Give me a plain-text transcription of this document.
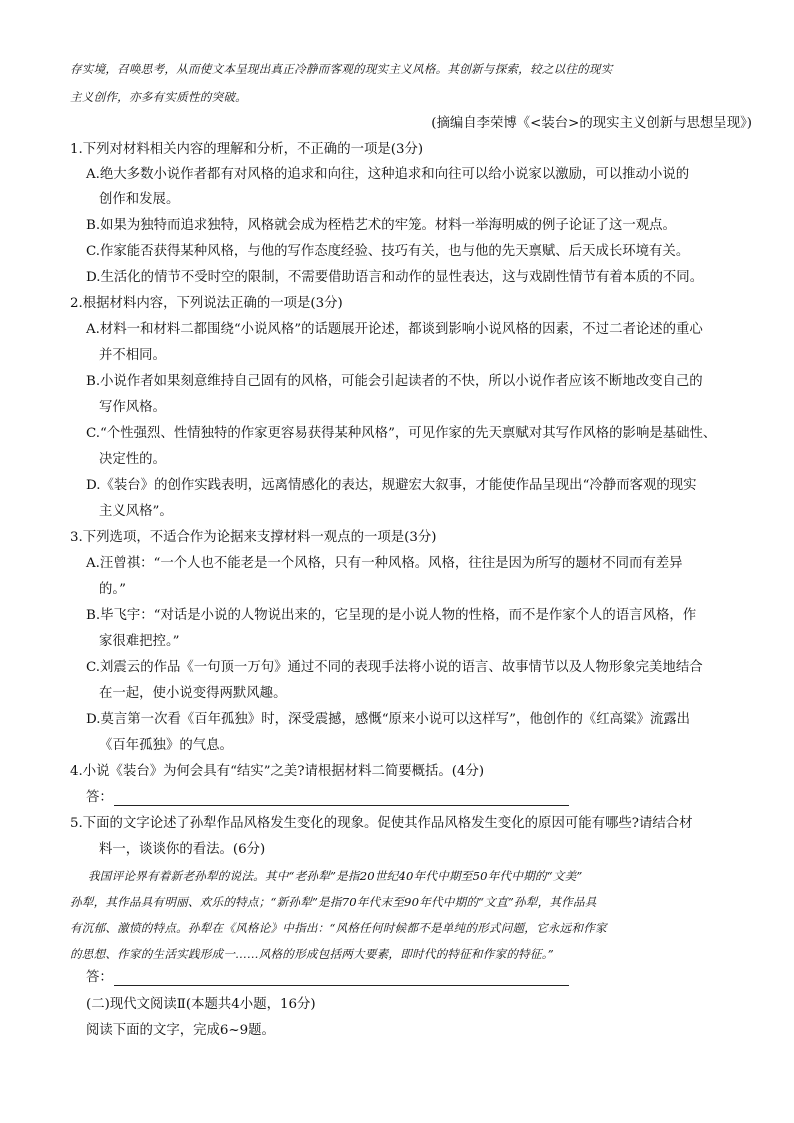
存实境，召唤思考，从而使文本呈现出真正冷静而客观的现实主义风格。其创新与探索，较之以往的现实
主义创作，亦多有实质性的突破。
(摘编自李荣博《<装台>的现实主义创新与思想呈现》)
1.下列对材料相关内容的理解和分析，不正确的一项是(3分)
A.绝大多数小说作者都有对风格的追求和向往，这种追求和向往可以给小说家以激励，可以推动小说的
创作和发展。
B.如果为独特而追求独特，风格就会成为桎梏艺术的牢笼。材料一举海明威的例子论证了这一观点。
C.作家能否获得某种风格，与他的写作态度经验、技巧有关，也与他的先天禀赋、后天成长环境有关。
D.生活化的情节不受时空的限制，不需要借助语言和动作的显性表达，这与戏剧性情节有着本质的不同。
2.根据材料内容，下列说法正确的一项是(3分)
A.材料一和材料二都围绕“小说风格”的话题展开论述，都谈到影响小说风格的因素，不过二者论述的重心
并不相同。
B.小说作者如果刻意维持自己固有的风格，可能会引起读者的不快，所以小说作者应该不断地改变自己的
写作风格。
C.“个性强烈、性情独特的作家更容易获得某种风格”，可见作家的先天禀赋对其写作风格的影响是基础性、
决定性的。
D.《装台》的创作实践表明，远离情感化的表达，规避宏大叙事，才能使作品呈现出“冷静而客观的现实
主义风格”。
3.下列选项，不适合作为论据来支撑材料一观点的一项是(3分)
A.汪曾祺：“一个人也不能老是一个风格，只有一种风格。风格，往往是因为所写的题材不同而有差异
的。”
B.毕飞宇：“对话是小说的人物说出来的，它呈现的是小说人物的性格，而不是作家个人的语言风格，作
家很难把控。”
C.刘震云的作品《一句顶一万句》通过不同的表现手法将小说的语言、故事情节以及人物形象完美地结合
在一起，使小说变得两默风趣。
D.莫言第一次看《百年孤独》时，深受震撼，感慨“原来小说可以这样写”，他创作的《红高粱》流露出
《百年孤独》的气息。
4.小说《装台》为何会具有“结实”之美?请根据材料二简要概括。(4分)
答：
5.下面的文字论述了孙犁作品风格发生变化的现象。促使其作品风格发生变化的原因可能有哪些?请结合材
料一，谈谈你的看法。(6分)
我国评论界有着新老孙犁的说法。其中“老孙犁”是指20世纪40年代中期至50年代中期的“文美”
孙犁，其作品具有明丽、欢乐的特点；“新孙犁”是指70年代末至90年代中期的“文直”孙犁，其作品具
有沉郁、激愤的特点。孙犁在《风格论》中指出：“风格任何时候都不是单纯的形式问题，它永远和作家
的思想、作家的生活实践形成一……风格的形成包括两大要素，即时代的特征和作家的特征。”
答：
(二)现代文阅读Ⅱ(本题共4小题，16分)
阅读下面的文字，完成6~9题。
